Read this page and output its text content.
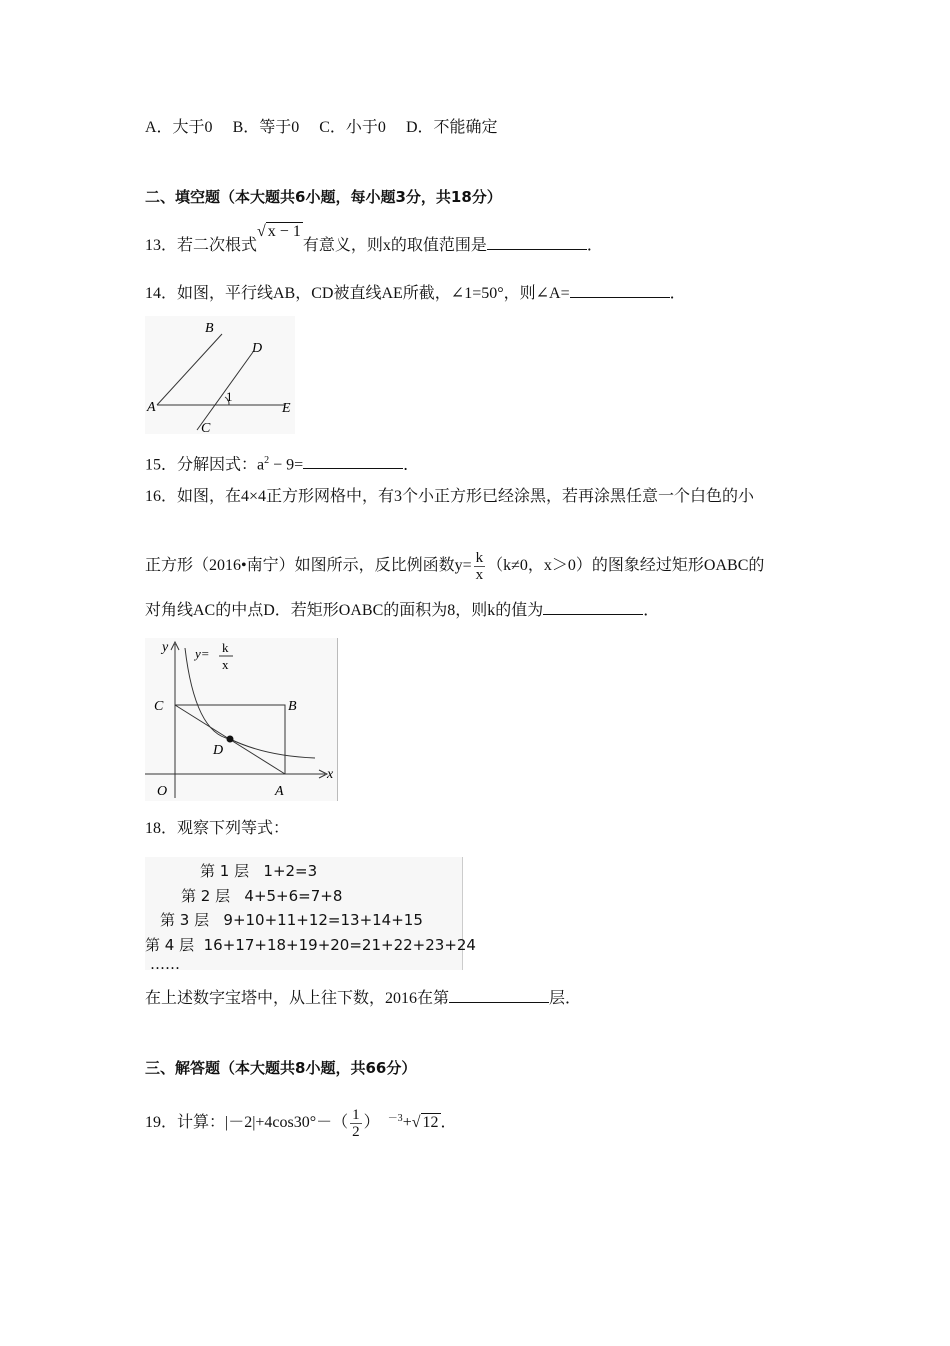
A．大于0 B．等于0 C．小于0 D．不能确定
二、填空题（本大题共6小题，每小题3分，共18分）
13．若二次根式√ x − 1有意义，则x的取值范围是	．
14．如图，平行线AB，CD被直线AE所截，∠1=50°，则∠A=	．
A
B
C
D
E
1
15．分解因式：$a^2 - 9=$	．
16．如图，在4×4正方形网格中，有3个小正方形已经涂黑，若再涂黑任意一个白色的小
正方形（2016•南宁）如图所示，反比例函数$y= \frac{k}{x} (k\ne 0$，x＞0）的图象经过矩形OABC的
对角线AC的中点D．若矩形OABC的面积为8，则k的值为	．
y
x
O	A
B
C
D
y= k
x
18．观察下列等式：
第 1 层 1+2=3
第 2 层 4+5+6=7+8
第 3 层 9+10+11+12=13+14+15
第 4 层 16+17+18+19+20=21+22+23+24
……
在上述数字宝塔中，从上往下数，2016在第	层．
三、解答题（本大题共8小题，共66分）
19．计算：$|-2|+4\cos 30^\circ-( \frac{1}{2}$ ） $^{-3}$+√ 12 ．
